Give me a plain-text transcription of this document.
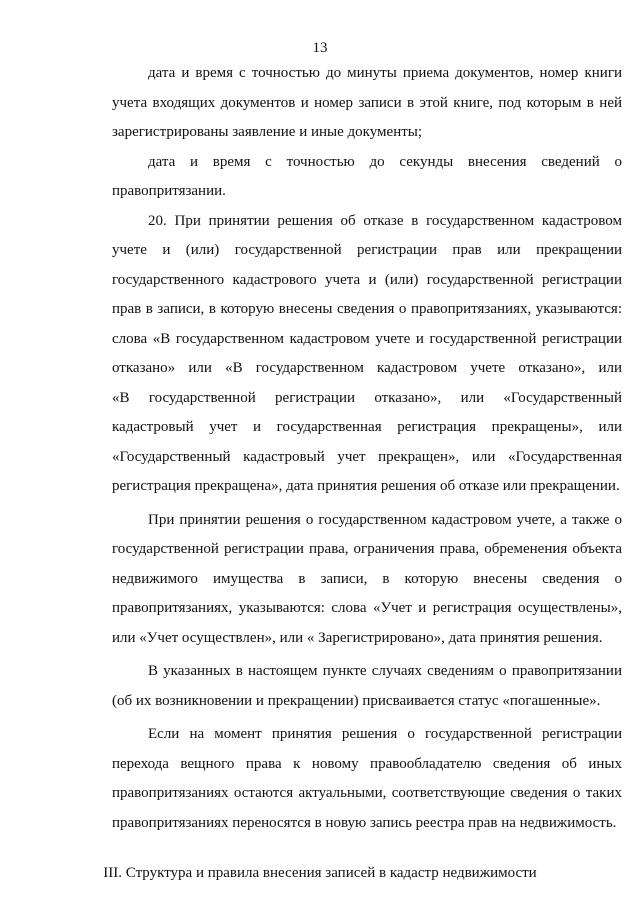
13
дата и время с точностью до минуты приема документов, номер книги
учета входящих документов и номер записи в этой книге, под которым в ней
зарегистрированы заявление и иные документы;
дата и время с точностью до секунды внесения сведений о
правопритязании.
20. При принятии решения об отказе в государственном кадастровом
учете и (или) государственной регистрации прав или прекращении
государственного кадастрового учета и (или) государственной регистрации
прав в записи, в которую внесены сведения о правопритязаниях, указываются:
слова «В государственном кадастровом учете и государственной регистрации
отказано» или «В государственном кадастровом учете отказано», или
«В государственной регистрации отказано», или «Государственный
кадастровый учет и государственная регистрация прекращены», или
«Государственный кадастровый учет прекращен», или «Государственная
регистрация прекращена», дата принятия решения об отказе или прекращении.
При принятии решения о государственном кадастровом учете, а также о
государственной регистрации права, ограничения права, обременения объекта
недвижимого имущества в записи, в которую внесены сведения о
правопритязаниях, указываются: слова «Учет и регистрация осуществлены»,
или «Учет осуществлен», или « Зарегистрировано», дата принятия решения.
В указанных в настоящем пункте случаях сведениям о правопритязании
(об их возникновении и прекращении) присваивается статус «погашенные».
Если на момент принятия решения о государственной регистрации
перехода вещного права к новому правообладателю сведения об иных
правопритязаниях остаются актуальными, соответствующие сведения о таких
правопритязаниях переносятся в новую запись реестра прав на недвижимость.
III. Структура и правила внесения записей в кадастр недвижимости
